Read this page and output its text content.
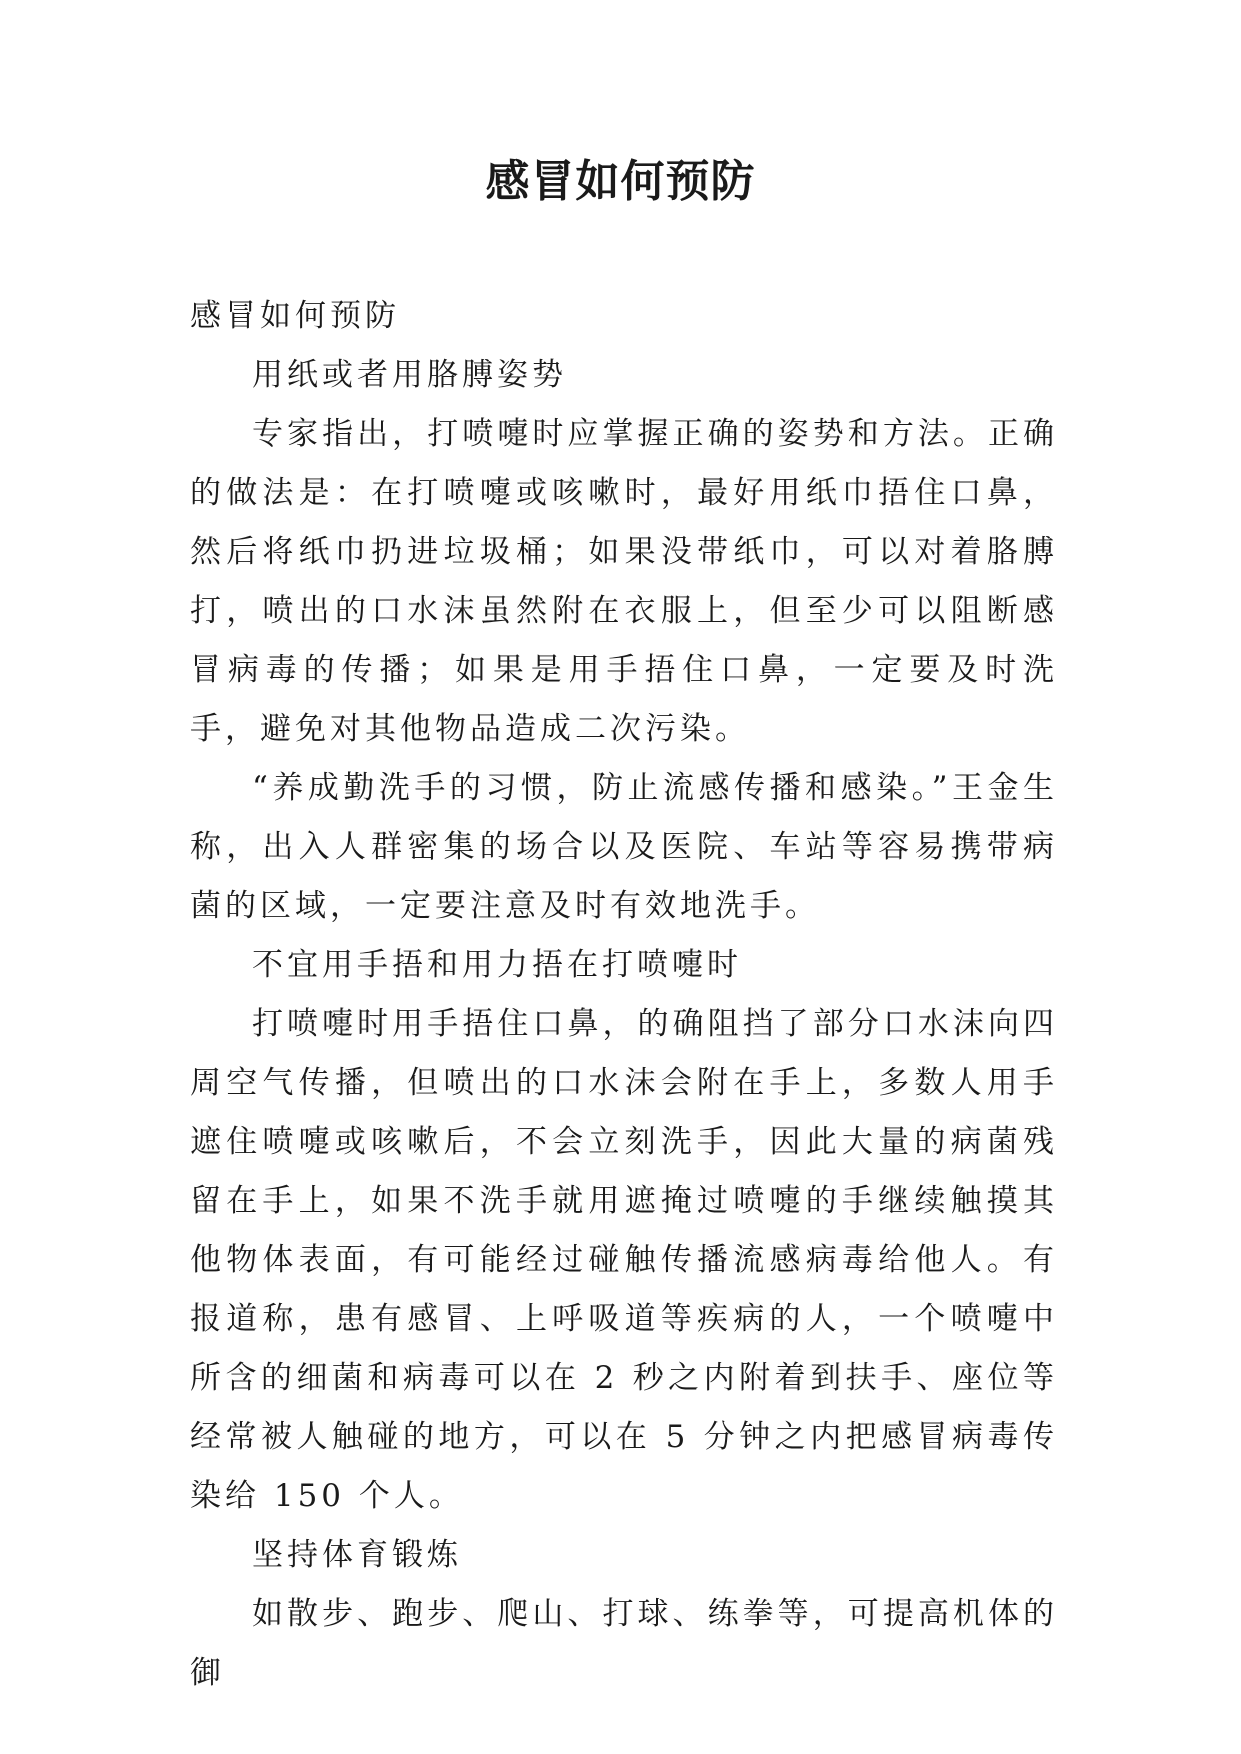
感冒如何预防

感冒如何预防

用纸或者用胳膊姿势

专家指出，打喷嚏时应掌握正确的姿势和方法。正确的做法是：在打喷嚏或咳嗽时，最好用纸巾捂住口鼻，然后将纸巾扔进垃圾桶；如果没带纸巾，可以对着胳膊打，喷出的口水沫虽然附在衣服上，但至少可以阻断感冒病毒的传播；如果是用手捂住口鼻，一定要及时洗手，避免对其他物品造成二次污染。

“养成勤洗手的习惯，防止流感传播和感染。”王金生称，出入人群密集的场合以及医院、车站等容易携带病菌的区域，一定要注意及时有效地洗手。

不宜用手捂和用力捂在打喷嚏时

打喷嚏时用手捂住口鼻，的确阻挡了部分口水沫向四周空气传播，但喷出的口水沫会附在手上，多数人用手遮住喷嚏或咳嗽后，不会立刻洗手，因此大量的病菌残留在手上，如果不洗手就用遮掩过喷嚏的手继续触摸其他物体表面，有可能经过碰触传播流感病毒给他人。有报道称，患有感冒、上呼吸道等疾病的人，一个喷嚏中所含的细菌和病毒可以在 2 秒之内附着到扶手、座位等经常被人触碰的地方，可以在 5 分钟之内把感冒病毒传染给 150 个人。

坚持体育锻炼

如散步、跑步、爬山、打球、练拳等，可提高机体的御
